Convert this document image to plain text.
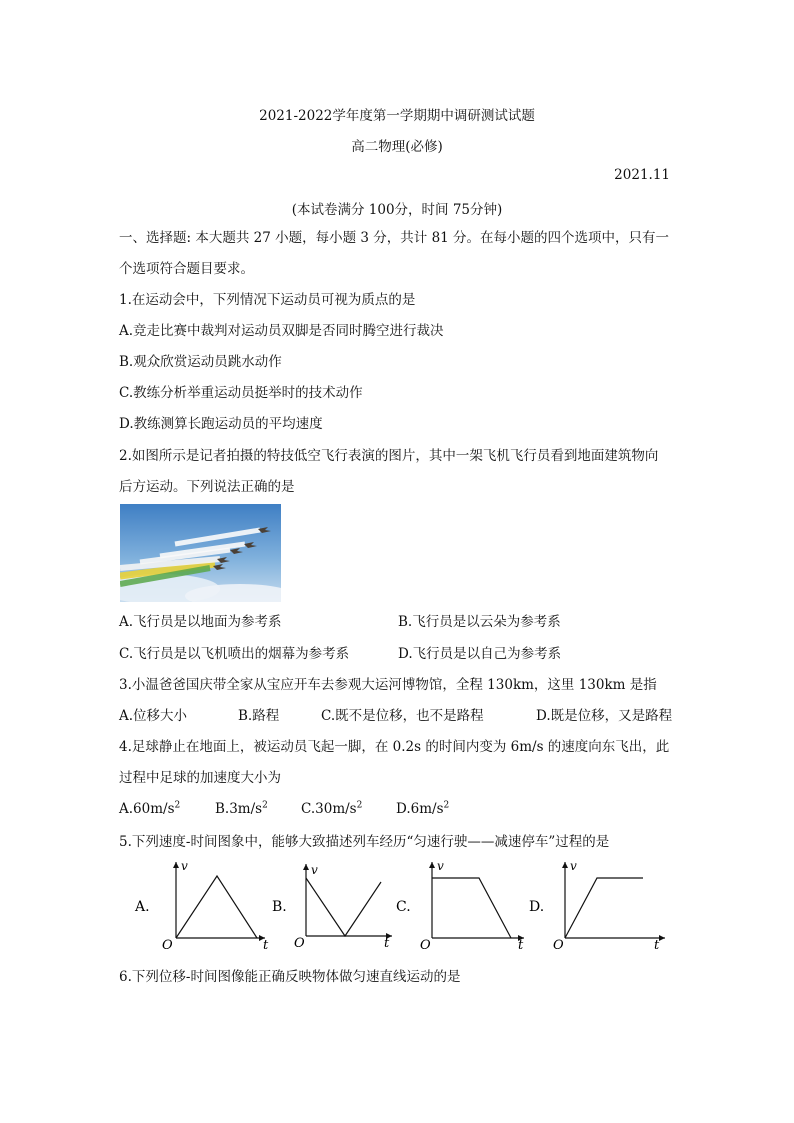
2021-2022学年度第一学期期中调研测试试题
高二物理(必修)
2021.11
(本试卷满分 100分，时间 75分钟)
一、选择题: 本大题共 27 小题，每小题 3 分，共计 81 分。在每小题的四个选项中，只有一
个选项符合题目要求。
1.在运动会中，下列情况下运动员可视为质点的是
A.竞走比赛中裁判对运动员双脚是否同时腾空进行裁决
B.观众欣赏运动员跳水动作
C.教练分析举重运动员挺举时的技术动作
D.教练测算长跑运动员的平均速度
2.如图所示是记者拍摄的特技低空飞行表演的图片，其中一架飞机飞行员看到地面建筑物向
后方运动。下列说法正确的是
A.飞行员是以地面为参考系	B.飞行员是以云朵为参考系
C.飞行员是以飞机喷出的烟幕为参考系	D.飞行员是以自己为参考系
3.小温爸爸国庆带全家从宝应开车去参观大运河博物馆，全程 130km，这里 130km 是指
A.位移大小	B.路程	C.既不是位移，也不是路程	D.既是位移，又是路程
4.足球静止在地面上，被运动员飞起一脚，在 0.2s 的时间内变为 6m/s 的速度向东飞出，此
过程中足球的加速度大小为
$A.60m/s^2$	$B.3m/s^2$ $C.30m/s^2$ $D.6m/s^2$
5.下列速度-时间图象中，能够大致描述列车经历“匀速行驶——减速停车”过程的是
A.
v
O	t
B.
v
O	t
C.
v
O	t
D.
v
O	t
6.下列位移-时间图像能正确反映物体做匀速直线运动的是
